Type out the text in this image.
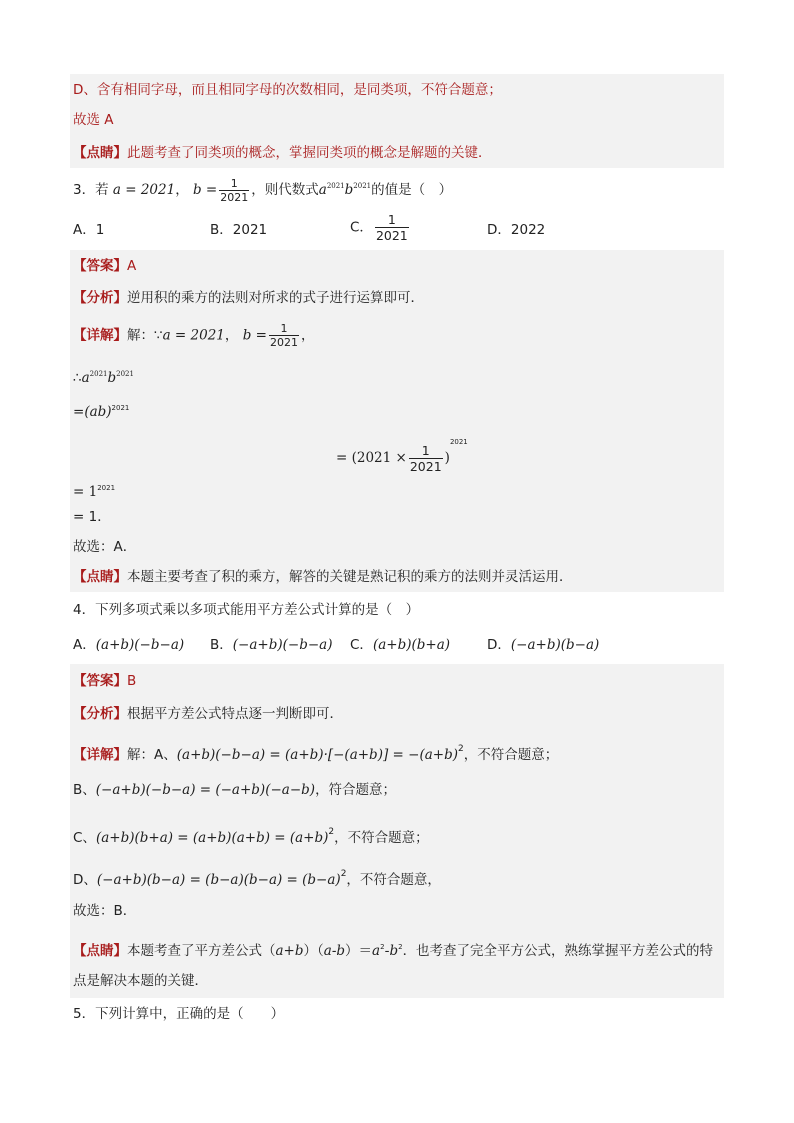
D、含有相同字母，而且相同字母的次数相同，是同类项，不符合题意；
故选 A
【点睛】此题考查了同类项的概念，掌握同类项的概念是解题的关键．
3．若 a = 2021， $b = \frac{1}{2021}$ ，则代数式$a^{2021}b^{2021}$的值是（　）
A．1	B．2021	C． $\frac{1}{2021}$	D．2022
【答案】A
【分析】逆用积的乘方的法则对所求的式子进行运算即可．
【详解】解：∵a = 2021， $b = \frac{1}{2021}$ ，
$\therefore a^{2021}b^{2021}$
=(ab)$^{2021}$
= $(2021 \times \frac{1}{2021} )^{2021}$
= $1^{2021}$
= 1．
故选：A．
【点睛】本题主要考查了积的乘方，解答的关键是熟记积的乘方的法则并灵活运用．
4．下列多项式乘以多项式能用平方差公式计算的是（　）
A．(a+b)(−b−a) B．(−a+b)(−b−a) C．(a+b)(b+a)	D．(−a+b)(b−a)
【答案】B
【分析】根据平方差公式特点逐一判断即可．
【详解】解：A、$(a+b)(-b-a) = (a+b)\cdot[-(a+b)] = -(a+b)^2$，不符合题意；
B、(−a+b)(−b−a) = (−a+b)(−a−b)，符合题意；
C、$(a+b)(b+a) = (a+b)(a+b) = (a+b)^2$，不符合题意；
D、$(-a+b)(b-a) = (b-a)(b-a) = (b-a)^2$，不符合题意，
故选：B．
【点睛】本题考查了平方差公式$(a+b)(a-b)=a^2-b^2$．也考查了完全平方公式，熟练掌握平方差公式的特
点是解决本题的关键．
5．下列计算中，正确的是（　　）
